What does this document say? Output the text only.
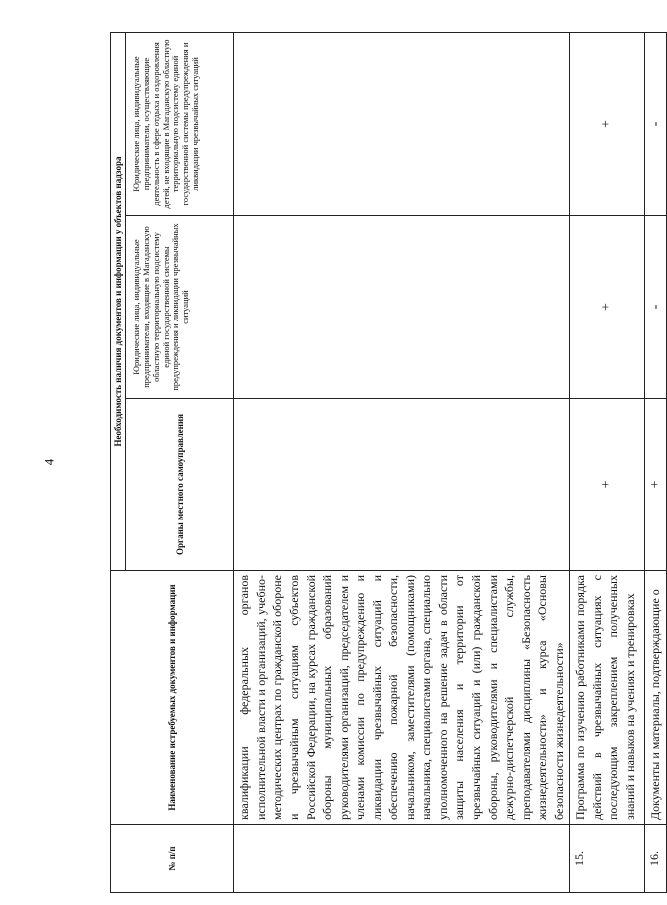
4
№ п/п	Наименование истребуемых документов и информации	Необходимость наличия документов и информации у объектов надзора		
		Органы местного самоуправления	Юридические лица, индивидуальные предприниматели, входящие в Магаданскую областную территориальную подсистему единой государственной системы предупреждения и ликвидации чрезвычайных ситуаций	Юридические лица, индивидуальные предприниматели, осуществляющие деятельность в сфере отдыха и оздоровления детей, не входящие в Магаданскую областную территориальную подсистему единой государственной системы предупреждения и ликвидации чрезвычайных ситуаций
	квалификации федеральных органов исполнительной власти и организаций, учебно-методических центрах по гражданской обороне и чрезвычайным ситуациям субъектов Российской Федерации, на курсах гражданской обороны муниципальных образований руководителями организаций, председателем и членами комиссии по предупреждению и ликвидации чрезвычайных ситуаций и обеспечению пожарной безопасности, начальником, заместителями (помощниками) начальника, специалистами органа, специально уполномоченного на решение задач в области защиты населения и территории от чрезвычайных ситуаций и (или) гражданской обороны, руководителями и специалистами дежурно-диспетчерской службы, преподавателями дисциплины «Безопасность жизнедеятельности» и курса «Основы безопасности жизнедеятельности»			
15.	Программа по изучению работниками порядка действий в чрезвычайных ситуациях с последующим закреплением полученных знаний и навыков на учениях и тренировках	+	+	+
16.	Документы и материалы, подтверждающие о	+	-	-
